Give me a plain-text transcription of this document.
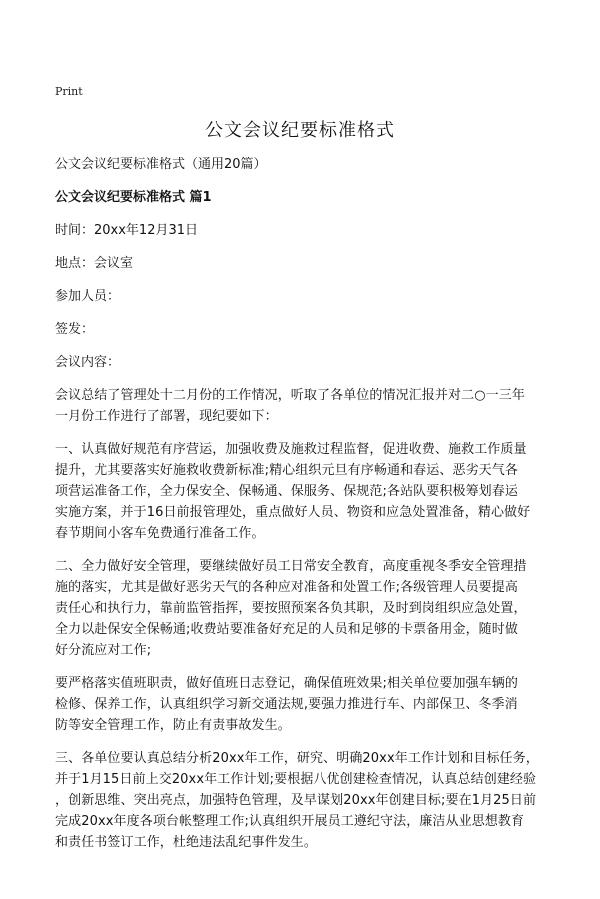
Print
公文会议纪要标准格式

公文会议纪要标准格式（通用20篇）

公文会议纪要标准格式 篇1

时间：20xx年12月31日

地点：会议室

参加人员：

签发：

会议内容：

会议总结了管理处十二月份的工作情况，听取了各单位的情况汇报并对二○一三年

一月份工作进行了部署，现纪要如下：

一、认真做好规范有序营运，加强收费及施救过程监督，促进收费、施救工作质量

提升，尤其要落实好施救收费新标准;精心组织元旦有序畅通和春运、恶劣天气各

项营运准备工作，全力保安全、保畅通、保服务、保规范;各站队要积极筹划春运

实施方案，并于16日前报管理处，重点做好人员、物资和应急处置准备，精心做好

春节期间小客车免费通行准备工作。

二、全力做好安全管理，要继续做好员工日常安全教育，高度重视冬季安全管理措

施的落实，尤其是做好恶劣天气的各种应对准备和处置工作;各级管理人员要提高

责任心和执行力，靠前监管指挥，要按照预案各负其职，及时到岗组织应急处置，

全力以赴保安全保畅通;收费站要准备好充足的人员和足够的卡票备用金，随时做

好分流应对工作;

要严格落实值班职责，做好值班日志登记，确保值班效果;相关单位要加强车辆的

检修、保养工作，认真组织学习新交通法规,要强力推进行车、内部保卫、冬季消

防等安全管理工作，防止有责事故发生。

三、各单位要认真总结分析20xx年工作，研究、明确20xx年工作计划和目标任务，

并于1月15日前上交20xx年工作计划;要根据八优创建检查情况，认真总结创建经验

，创新思维、突出亮点，加强特色管理，及早谋划20xx年创建目标;要在1月25日前

完成20xx年度各项台帐整理工作;认真组织开展员工遵纪守法，廉洁从业思想教育

和责任书签订工作，杜绝违法乱纪事件发生。
